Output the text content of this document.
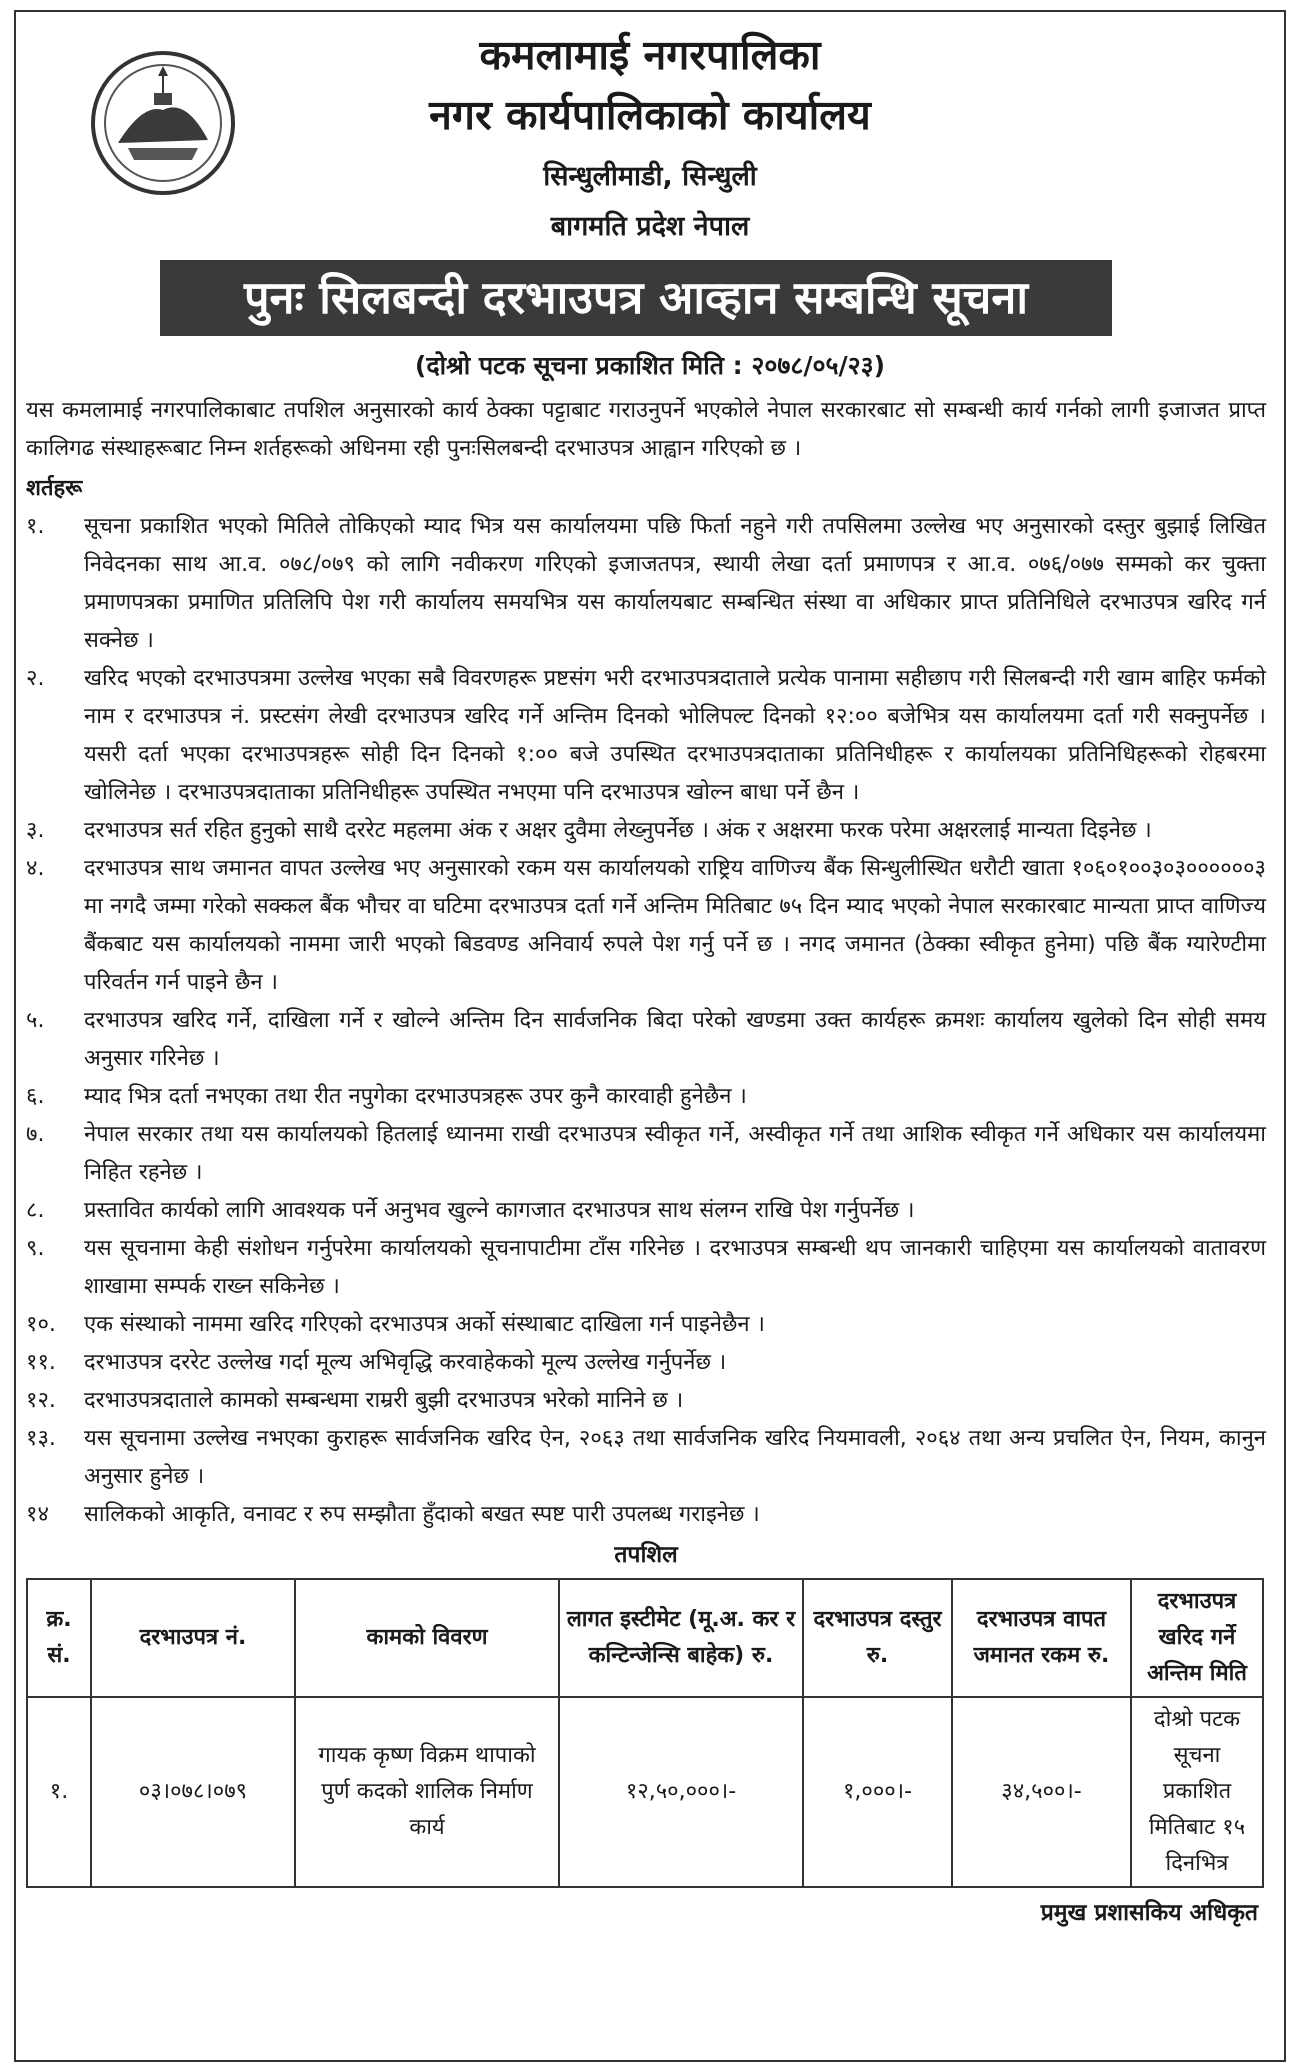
कमलामाई नगरपालिका
नगर कार्यपालिकाको कार्यालय
सिन्धुलीमाडी, सिन्धुली
बागमति प्रदेश नेपाल
पुनः सिलबन्दी दरभाउपत्र आव्हान सम्बन्धि सूचना
(दोश्रो पटक सूचना प्रकाशित मिति : २०७८/०५/२३)

यस कमलामाई नगरपालिकाबाट तपशिल अनुसारको कार्य ठेक्का पट्टाबाट गराउनुपर्ने भएकोले नेपाल सरकारबाट सो सम्बन्धी कार्य गर्नको लागी इजाजत प्राप्त कालिगढ संस्थाहरूबाट निम्न शर्तहरूको अधिनमा रही पुनःसिलबन्दी दरभाउपत्र आह्वान गरिएको छ ।

शर्तहरू

१.	सूचना प्रकाशित भएको मितिले तोकिएको म्याद भित्र यस कार्यालयमा पछि फिर्ता नहुने गरी तपसिलमा उल्लेख भए अनुसारको दस्तुर बुझाई लिखित निवेदनका साथ आ.व. ०७८/०७९ को लागि नवीकरण गरिएको इजाजतपत्र, स्थायी लेखा दर्ता प्रमाणपत्र र आ.व. ०७६/०७७ सम्मको कर चुक्ता प्रमाणपत्रका प्रमाणित प्रतिलिपि पेश गरी कार्यालय समयभित्र यस कार्यालयबाट सम्बन्धित संस्था वा अधिकार प्राप्त प्रतिनिधिले दरभाउपत्र खरिद गर्न सक्नेछ ।
२.	खरिद भएको दरभाउपत्रमा उल्लेख भएका सबै विवरणहरू प्रष्टसंग भरी दरभाउपत्रदाताले प्रत्येक पानामा सहीछाप गरी सिलबन्दी गरी खाम बाहिर फर्मको नाम र दरभाउपत्र नं. प्रस्टसंग लेखी दरभाउपत्र खरिद गर्ने अन्तिम दिनको भोलिपल्ट दिनको १२:०० बजेभित्र यस कार्यालयमा दर्ता गरी सक्नुपर्नेछ । यसरी दर्ता भएका दरभाउपत्रहरू सोही दिन दिनको १:०० बजे उपस्थित दरभाउपत्रदाताका प्रतिनिधीहरू र कार्यालयका प्रतिनिधिहरूको रोहबरमा खोलिनेछ । दरभाउपत्रदाताका प्रतिनिधीहरू उपस्थित नभएमा पनि दरभाउपत्र खोल्न बाधा पर्ने छैन ।
३.	दरभाउपत्र सर्त रहित हुनुको साथै दररेट महलमा अंक र अक्षर दुवैमा लेख्नुपर्नेछ । अंक र अक्षरमा फरक परेमा अक्षरलाई मान्यता दिइनेछ ।
४.	दरभाउपत्र साथ जमानत वापत उल्लेख भए अनुसारको रकम यस कार्यालयको राष्ट्रिय वाणिज्य बैंक सिन्धुलीस्थित धरौटी खाता १०६०१००३०३००००००३ मा नगदै जम्मा गरेको सक्कल बैंक भौचर वा घटिमा दरभाउपत्र दर्ता गर्ने अन्तिम मितिबाट ७५ दिन म्याद भएको नेपाल सरकारबाट मान्यता प्राप्त वाणिज्य बैंकबाट यस कार्यालयको नाममा जारी भएको बिडवण्ड अनिवार्य रुपले पेश गर्नु पर्ने छ । नगद जमानत (ठेक्का स्वीकृत हुनेमा) पछि बैंक ग्यारेण्टीमा परिवर्तन गर्न पाइने छैन ।
५.	दरभाउपत्र खरिद गर्ने, दाखिला गर्ने र खोल्ने अन्तिम दिन सार्वजनिक बिदा परेको खण्डमा उक्त कार्यहरू क्रमशः कार्यालय खुलेको दिन सोही समय अनुसार गरिनेछ ।
६.	म्याद भित्र दर्ता नभएका तथा रीत नपुगेका दरभाउपत्रहरू उपर कुनै कारवाही हुनेछैन ।
७.	नेपाल सरकार तथा यस कार्यालयको हितलाई ध्यानमा राखी दरभाउपत्र स्वीकृत गर्ने, अस्वीकृत गर्ने तथा आशिक स्वीकृत गर्ने अधिकार यस कार्यालयमा निहित रहनेछ ।
८.	प्रस्तावित कार्यको लागि आवश्यक पर्ने अनुभव खुल्ने कागजात दरभाउपत्र साथ संलग्न राखि पेश गर्नुपर्नेछ ।
९.	यस सूचनामा केही संशोधन गर्नुपरेमा कार्यालयको सूचनापाटीमा टाँस गरिनेछ । दरभाउपत्र सम्बन्धी थप जानकारी चाहिएमा यस कार्यालयको वातावरण शाखामा सम्पर्क राख्न सकिनेछ ।
१०.	एक संस्थाको नाममा खरिद गरिएको दरभाउपत्र अर्को संस्थाबाट दाखिला गर्न पाइनेछैन ।
११.	दरभाउपत्र दररेट उल्लेख गर्दा मूल्य अभिवृद्धि करवाहेकको मूल्य उल्लेख गर्नुपर्नेछ ।
१२.	दरभाउपत्रदाताले कामको सम्बन्धमा राम्ररी बुझी दरभाउपत्र भरेको मानिने छ ।
१३.	यस सूचनामा उल्लेख नभएका कुराहरू सार्वजनिक खरिद ऐन, २०६३ तथा सार्वजनिक खरिद नियमावली, २०६४ तथा अन्य प्रचलित ऐन, नियम, कानुन अनुसार हुनेछ ।
१४	सालिकको आकृति, वनावट र रुप सम्झौता हुँदाको बखत स्पष्ट पारी उपलब्ध गराइनेछ ।
तपशिल
क्र. सं.	दरभाउपत्र नं.	कामको विवरण	लागत इस्टीमेट (मू.अ. कर र कन्टिन्जेन्सि बाहेक) रु.	दरभाउपत्र दस्तुर रु.	दरभाउपत्र वापत जमानत रकम रु.	दरभाउपत्र खरिद गर्ने अन्तिम मिति
१.	०३।०७८।०७९	गायक कृष्ण विक्रम थापाको पुर्ण कदको शालिक निर्माण कार्य	१२,५०,०००।-	१,०००।-	३४,५००।-	दोश्रो पटक सूचना प्रकाशित मितिबाट १५ दिनभित्र
प्रमुख प्रशासकिय अधिकृत
